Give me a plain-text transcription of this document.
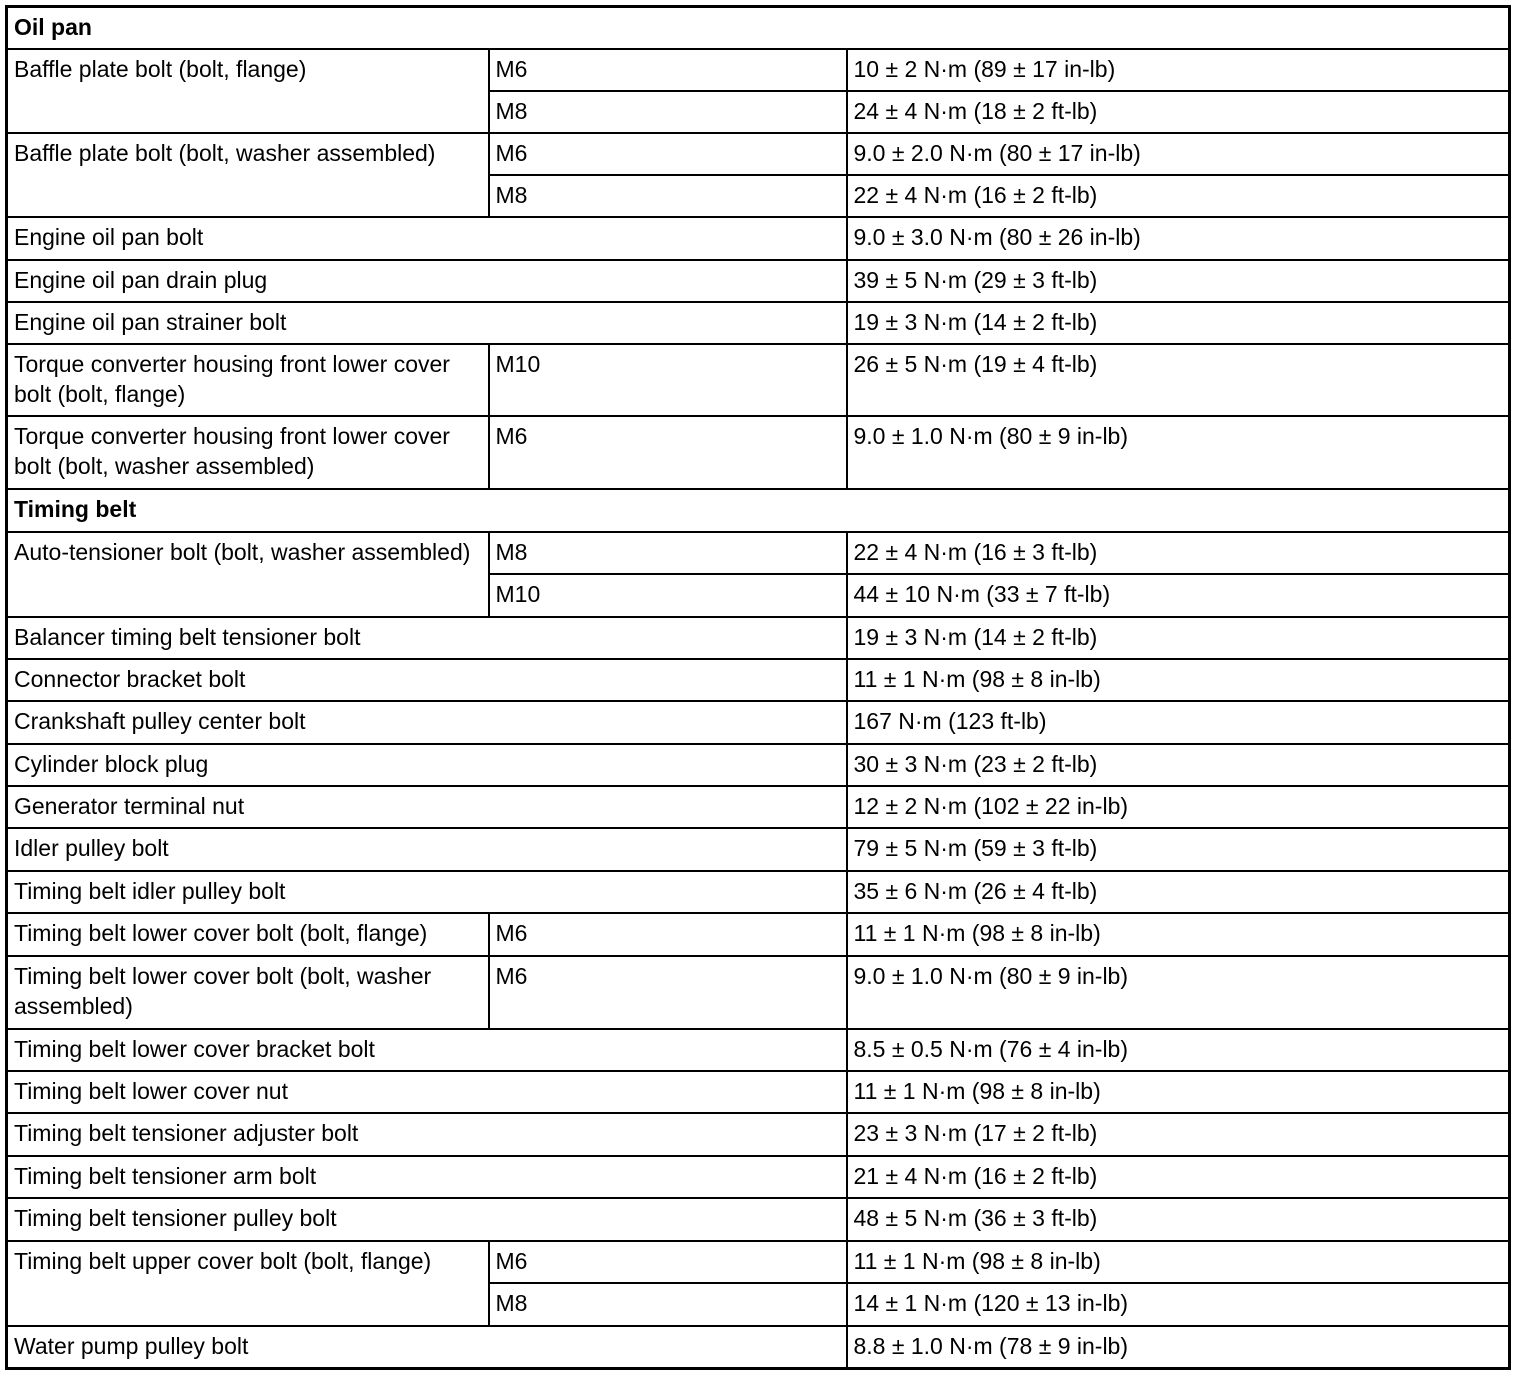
Oil pan		
Baffle plate bolt (bolt, flange)	M6	10 ± 2 N·m (89 ± 17 in-lb)
	M8	24 ± 4 N·m (18 ± 2 ft-lb)
Baffle plate bolt (bolt, washer assembled)	M6	9.0 ± 2.0 N·m (80 ± 17 in-lb)
	M8	22 ± 4 N·m (16 ± 2 ft-lb)
Engine oil pan bolt		9.0 ± 3.0 N·m (80 ± 26 in-lb)
Engine oil pan drain plug		39 ± 5 N·m (29 ± 3 ft-lb)
Engine oil pan strainer bolt		19 ± 3 N·m (14 ± 2 ft-lb)
Torque converter housing front lower cover bolt (bolt, flange)	M10	26 ± 5 N·m (19 ± 4 ft-lb)
Torque converter housing front lower cover bolt (bolt, washer assembled)	M6	9.0 ± 1.0 N·m (80 ± 9 in-lb)
Timing belt		
Auto-tensioner bolt (bolt, washer assembled)	M8	22 ± 4 N·m (16 ± 3 ft-lb)
	M10	44 ± 10 N·m (33 ± 7 ft-lb)
Balancer timing belt tensioner bolt		19 ± 3 N·m (14 ± 2 ft-lb)
Connector bracket bolt		11 ± 1 N·m (98 ± 8 in-lb)
Crankshaft pulley center bolt		167 N·m (123 ft-lb)
Cylinder block plug		30 ± 3 N·m (23 ± 2 ft-lb)
Generator terminal nut		12 ± 2 N·m (102 ± 22 in-lb)
Idler pulley bolt		79 ± 5 N·m (59 ± 3 ft-lb)
Timing belt idler pulley bolt		35 ± 6 N·m (26 ± 4 ft-lb)
Timing belt lower cover bolt (bolt, flange)	M6	11 ± 1 N·m (98 ± 8 in-lb)
Timing belt lower cover bolt (bolt, washer assembled)	M6	9.0 ± 1.0 N·m (80 ± 9 in-lb)
Timing belt lower cover bracket bolt		8.5 ± 0.5 N·m (76 ± 4 in-lb)
Timing belt lower cover nut		11 ± 1 N·m (98 ± 8 in-lb)
Timing belt tensioner adjuster bolt		23 ± 3 N·m (17 ± 2 ft-lb)
Timing belt tensioner arm bolt		21 ± 4 N·m (16 ± 2 ft-lb)
Timing belt tensioner pulley bolt		48 ± 5 N·m (36 ± 3 ft-lb)
Timing belt upper cover bolt (bolt, flange)	M6	11 ± 1 N·m (98 ± 8 in-lb)
	M8	14 ± 1 N·m (120 ± 13 in-lb)
Water pump pulley bolt		8.8 ± 1.0 N·m (78 ± 9 in-lb)
